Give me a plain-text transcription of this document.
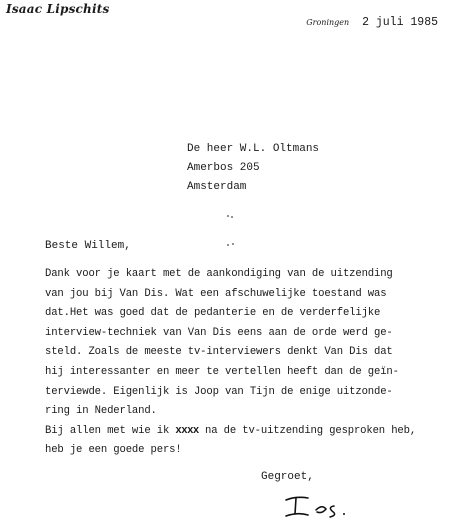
Isaac Lipschits
Groningen 2 juli 1985
De heer W.L. Oltmans
Amerbos 205
Amsterdam
Beste Willem,
Dank voor je kaart met de aankondiging van de uitzending
van jou bij Van Dis. Wat een afschuwelijke toestand was
dat.Het was goed dat de pedanterie en de verderfelijke
interview-techniek van Van Dis eens aan de orde werd ge-
steld. Zoals de meeste tv-interviewers denkt Van Dis dat
hij interessanter en meer te vertellen heeft dan de geïn-
terviewde. Eigenlijk is Joop van Tijn de enige uitzonde-
ring in Nederland.
Bij allen met wie ik xxxx na de tv-uitzending gesproken heb,
heb je een goede pers!
Gegroet,
